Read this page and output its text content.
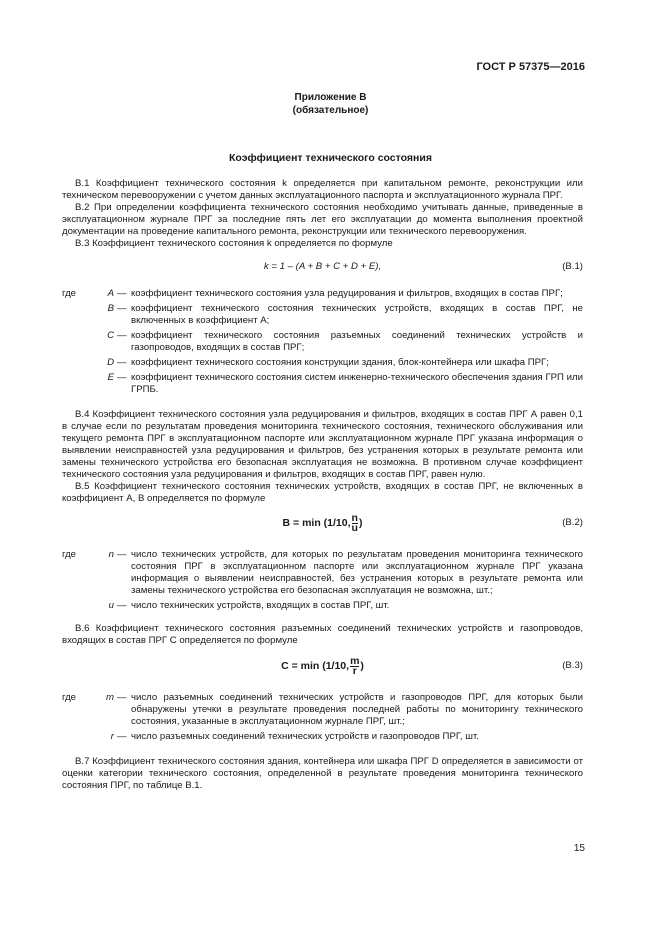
ГОСТ Р 57375—2016
Приложение В
(обязательное)
Коэффициент технического состояния

В.1 Коэффициент технического состояния k определяется при капитальном ремонте, реконструкции или техническом перевооружении с учетом данных эксплуатационного паспорта и эксплуатационного журнала ПРГ.

В.2 При определении коэффициента технического состояния необходимо учитывать данные, приведенные в эксплуатационном журнале ПРГ за последние пять лет его эксплуатации до момента выполнения проектной документации на проведение капитального ремонта, реконструкции или технического перевооружения.

В.3 Коэффициент технического состояния k определяется по формуле

k = 1 – (A + B + C + D + E),	(В.1)
где	A — коэффициент технического состояния узла редуцирования и фильтров, входящих в состав ПРГ;
B — коэффициент технического состояния технических устройств, входящих в состав ПРГ, не включенных в коэффициент А;
C — коэффициент технического состояния разъемных соединений технических устройств и газопроводов, входящих в состав ПРГ;
D — коэффициент технического состояния конструкции здания, блок-контейнера или шкафа ПРГ;
E — коэффициент технического состояния систем инженерно-технического обеспечения здания ГРП или ГРПБ.

В.4 Коэффициент технического состояния узла редуцирования и фильтров, входящих в состав ПРГ А равен 0,1 в случае если по результатам проведения мониторинга технического состояния, технического обслуживания или текущего ремонта ПРГ в эксплуатационном паспорте или эксплуатационном журнале ПРГ указана информация о выявлении неисправностей узла редуцирования и фильтров, без устранения которых в результате ремонта или замены технического устройства его безопасная эксплуатация не возможна. В противном случае коэффициент технического состояния узла редуцирования и фильтров, входящих в состав ПРГ, равен нулю.

В.5 Коэффициент технического состояния технических устройств, входящих в состав ПРГ, не включенных в коэффициент А, В определяется по формуле

B = min (1/10, $\frac{n}{u}$ )	(В.2)
где	n — число технических устройств, для которых по результатам проведения мониторинга технического состояния ПРГ в эксплуатационном паспорте или эксплуатационном журнале ПРГ указана информация о выявлении неисправностей, без устранения которых в результате ремонта или замены технического устройства его безопасная эксплуатация не возможна, шт.;
u — число технических устройств, входящих в состав ПРГ, шт.

В.6 Коэффициент технического состояния разъемных соединений технических устройств и газопроводов, входящих в состав ПРГ С определяется по формуле

C = min (1/10, $\frac{m}{r}$ )	(В.3)
где	m — число разъемных соединений технических устройств и газопроводов ПРГ, для которых были обнаружены утечки в результате проведения последней работы по мониторингу технического состояния, указанные в эксплуатационном журнале ПРГ, шт.;
r — число разъемных соединений технических устройств и газопроводов ПРГ, шт.

В.7 Коэффициент технического состояния здания, контейнера или шкафа ПРГ D определяется в зависимости от оценки категории технического состояния, определенной в результате проведения мониторинга технического состояния ПРГ, по таблице В.1.

15
